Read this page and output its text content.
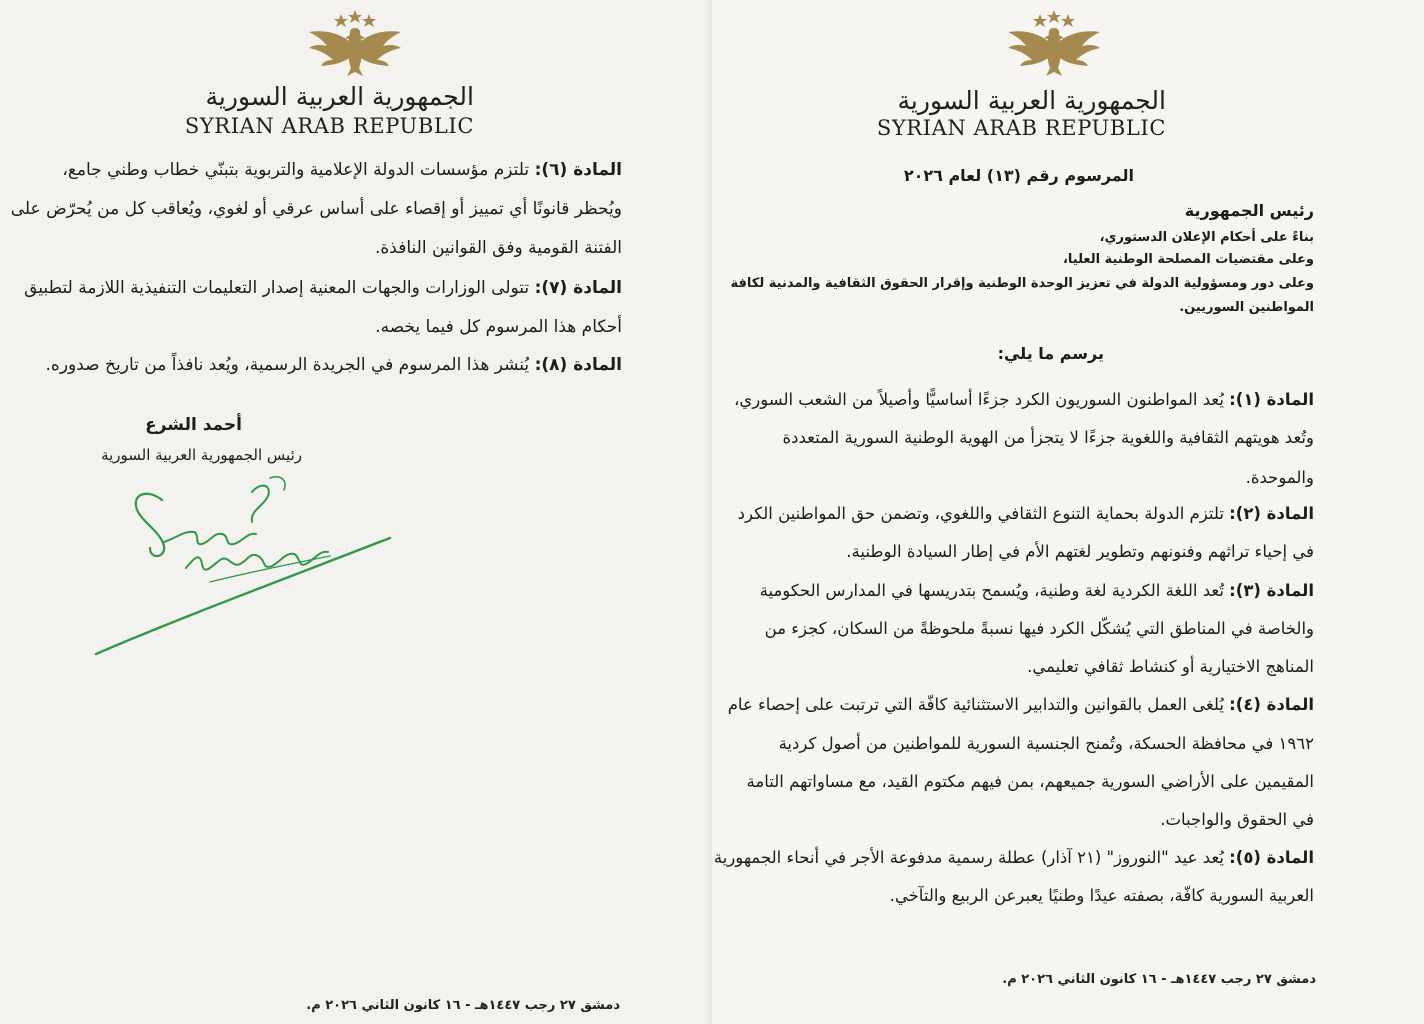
الجمهورية العربية السورية
SYRIAN ARAB REPUBLIC
المادة (٦): تلتزم مؤسسات الدولة الإعلامية والتربوية بتبنّي خطاب وطني جامع،
ويُحظر قانونًا أي تمييز أو إقصاء على أساس عرقي أو لغوي، ويُعاقب كل من يُحرّض على
الفتنة القومية وفق القوانين النافذة.
المادة (٧): تتولى الوزارات والجهات المعنية إصدار التعليمات التنفيذية اللازمة لتطبيق
أحكام هذا المرسوم كل فيما يخصه.
المادة (٨): يُنشر هذا المرسوم في الجريدة الرسمية، ويُعد نافذاً من تاريخ صدوره.
أحمد الشرع
رئيس الجمهورية العربية السورية
دمشق ٢٧ رجب ١٤٤٧هـ - ١٦ كانون الثاني ٢٠٢٦ م.
الجمهورية العربية السورية
SYRIAN ARAB REPUBLIC
المرسوم رقم (١٣) لعام ٢٠٢٦
رئيس الجمهورية
بناءً على أحكام الإعلان الدستوري،
وعلى مقتضيات المصلحة الوطنية العليا،
وعلى دور ومسؤولية الدولة في تعزيز الوحدة الوطنية وإقرار الحقوق الثقافية والمدنية لكافة
المواطنين السوريين.
يرسم ما يلي:
المادة (١): يُعد المواطنون السوريون الكرد جزءًا أساسيًّا وأصيلاً من الشعب السوري،
وتُعد هويتهم الثقافية واللغوية جزءًا لا يتجزأ من الهوية الوطنية السورية المتعددة
والموحدة.
المادة (٢): تلتزم الدولة بحماية التنوع الثقافي واللغوي، وتضمن حق المواطنين الكرد
في إحياء تراثهم وفنونهم وتطوير لغتهم الأم في إطار السيادة الوطنية.
المادة (٣): تُعد اللغة الكردية لغة وطنية، ويُسمح بتدريسها في المدارس الحكومية
والخاصة في المناطق التي يُشكّل الكرد فيها نسبةً ملحوظةً من السكان، كجزء من
المناهج الاختيارية أو كنشاط ثقافي تعليمي.
المادة (٤): يُلغى العمل بالقوانين والتدابير الاستثنائية كافّة التي ترتبت على إحصاء عام
١٩٦٢ في محافظة الحسكة، وتُمنح الجنسية السورية للمواطنين من أصول كردية
المقيمين على الأراضي السورية جميعهم، بمن فيهم مكتوم القيد، مع مساواتهم التامة
في الحقوق والواجبات.
المادة (٥): يُعد عيد "النوروز" (٢١ آذار) عطلة رسمية مدفوعة الأجر في أنحاء الجمهورية
العربية السورية كافّة، بصفته عيدًا وطنيًا يعبرعن الربيع والتآخي.
دمشق ٢٧ رجب ١٤٤٧هـ - ١٦ كانون الثاني ٢٠٢٦ م.
